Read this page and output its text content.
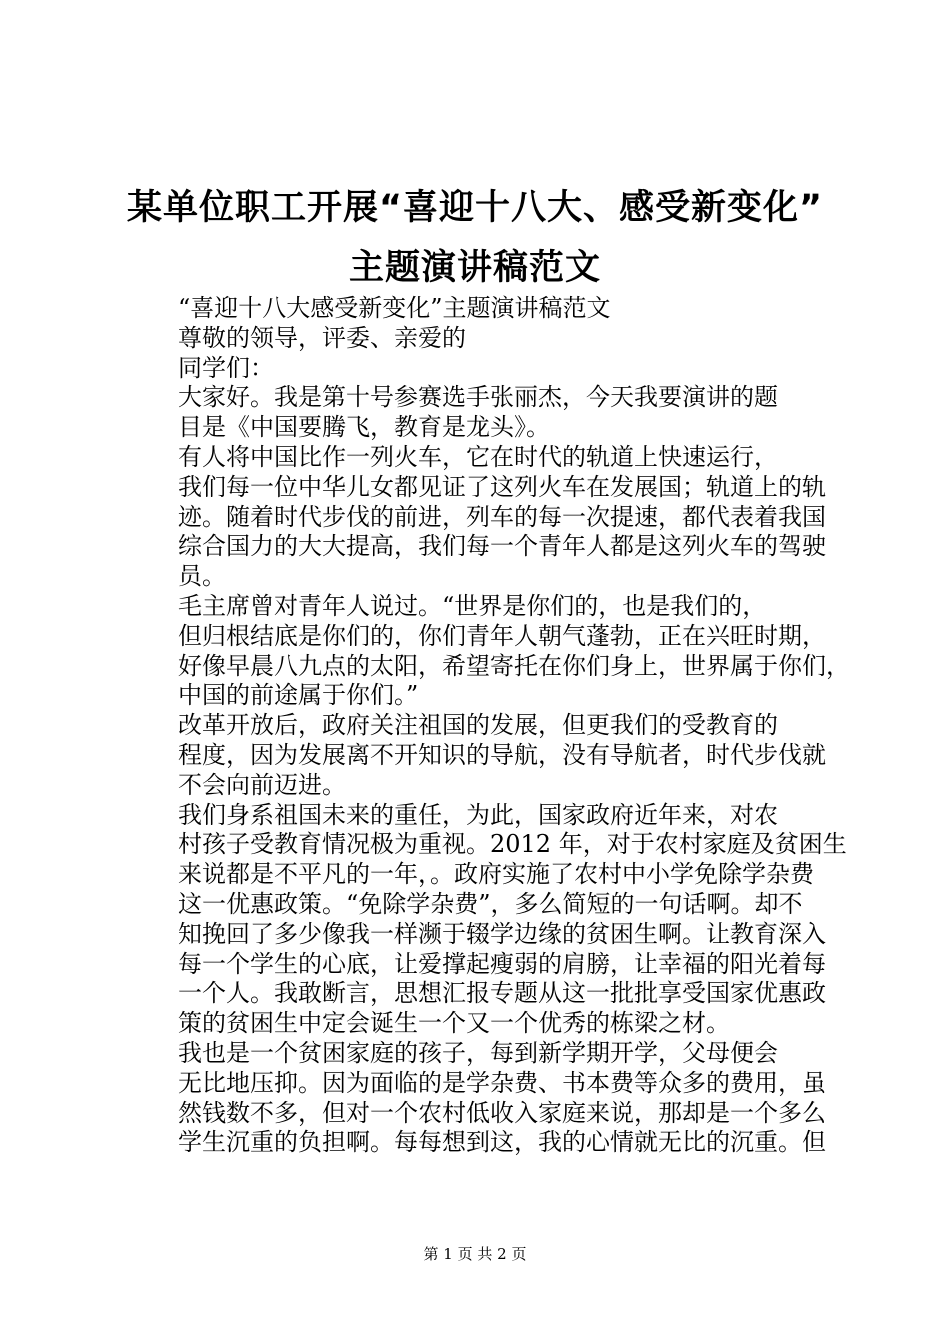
某单位职工开展“喜迎十八大、感受新变化”
主题演讲稿范文
“喜迎十八大感受新变化”主题演讲稿范文
尊敬的领导，评委、亲爱的
同学们：
大家好。我是第十号参赛选手张丽杰，今天我要演讲的题
目是《中国要腾飞，教育是龙头》。
有人将中国比作一列火车，它在时代的轨道上快速运行，
我们每一位中华儿女都见证了这列火车在发展国；轨道上的轨
迹。随着时代步伐的前进，列车的每一次提速，都代表着我国
综合国力的大大提高，我们每一个青年人都是这列火车的驾驶
员。
毛主席曾对青年人说过。“世界是你们的，也是我们的，
但归根结底是你们的，你们青年人朝气蓬勃，正在兴旺时期，
好像早晨八九点的太阳，希望寄托在你们身上，世界属于你们，
中国的前途属于你们。”
改革开放后，政府关注祖国的发展，但更我们的受教育的
程度，因为发展离不开知识的导航，没有导航者，时代步伐就
不会向前迈进。
我们身系祖国未来的重任，为此，国家政府近年来，对农
村孩子受教育情况极为重视。2012 年，对于农村家庭及贫困生
来说都是不平凡的一年，。政府实施了农村中小学免除学杂费
这一优惠政策。“免除学杂费”，多么简短的一句话啊。却不
知挽回了多少像我一样濒于辍学边缘的贫困生啊。让教育深入
每一个学生的心底，让爱撑起瘦弱的肩膀，让幸福的阳光着每
一个人。我敢断言，思想汇报专题从这一批批享受国家优惠政
策的贫困生中定会诞生一个又一个优秀的栋梁之材。
我也是一个贫困家庭的孩子，每到新学期开学，父母便会
无比地压抑。因为面临的是学杂费、书本费等众多的费用，虽
然钱数不多，但对一个农村低收入家庭来说，那却是一个多么
学生沉重的负担啊。每每想到这，我的心情就无比的沉重。但
第 1 页 共 2 页
